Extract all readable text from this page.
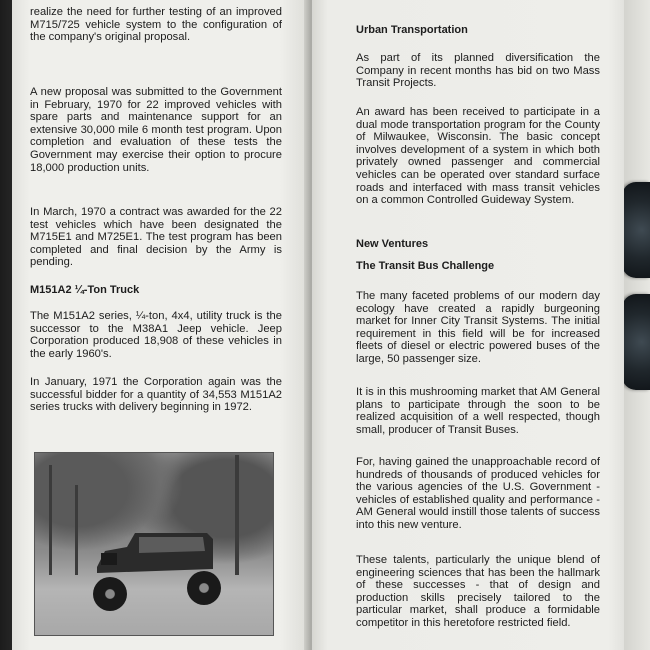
realize the need for further testing of an improved M715/725 vehicle system to the configuration of the company's original proposal.

A new proposal was submitted to the Government in February, 1970 for 22 improved vehicles with spare parts and maintenance support for an extensive 30,000 mile 6 month test program. Upon completion and evaluation of these tests the Government may exercise their option to procure 18,000 production units.

In March, 1970 a contract was awarded for the 22 test vehicles which have been designated the M715E1 and M725E1. The test program has been completed and final decision by the Army is pending.

M151A2 ¼-Ton Truck

The M151A2 series, ¼-ton, 4x4, utility truck is the successor to the M38A1 Jeep vehicle. Jeep Corporation produced 18,908 of these vehicles in the early 1960's.

In January, 1971 the Corporation again was the successful bidder for a quantity of 34,553 M151A2 series trucks with delivery beginning in 1972.

Urban Transportation

As part of its planned diversification the Company in recent months has bid on two Mass Transit Projects.

An award has been received to participate in a dual mode transportation program for the County of Milwaukee, Wisconsin. The basic concept involves development of a system in which both privately owned passenger and commercial vehicles can be operated over standard surface roads and interfaced with mass transit vehicles on a common Controlled Guideway System.

New Ventures

The Transit Bus Challenge

The many faceted problems of our modern day ecology have created a rapidly burgeoning market for Inner City Transit Systems. The initial requirement in this field will be for increased fleets of diesel or electric powered buses of the large, 50 passenger size.

It is in this mushrooming market that AM General plans to participate through the soon to be realized acquisition of a well respected, though small, producer of Transit Buses.

For, having gained the unapproachable record of hundreds of thousands of produced vehicles for the various agencies of the U.S. Government - vehicles of established quality and performance - AM General would instill those talents of success into this new venture.

These talents, particularly the unique blend of engineering sciences that has been the hallmark of these successes - that of design and production skills precisely tailored to the particular market, shall produce a formidable competitor in this heretofore restricted field.
